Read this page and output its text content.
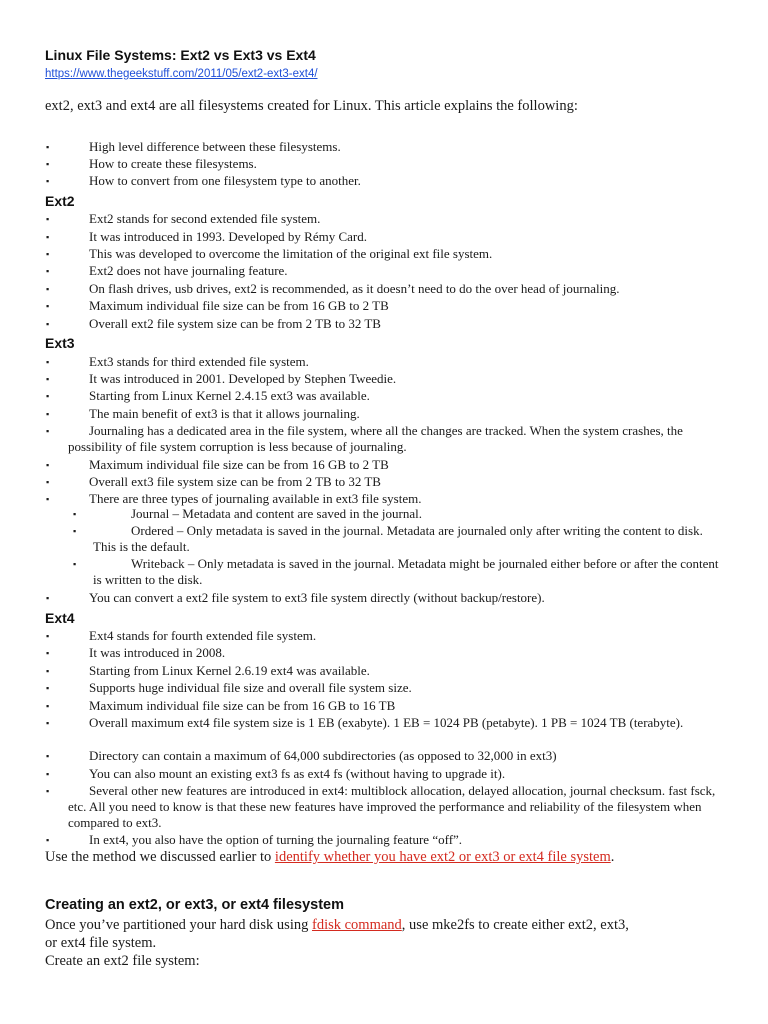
Linux File Systems: Ext2 vs Ext3 vs Ext4
https://www.thegeekstuff.com/2011/05/ext2-ext3-ext4/
ext2, ext3 and ext4 are all filesystems created for Linux. This article explains the following:
▪	High level difference between these filesystems.
▪	How to create these filesystems.
▪	How to convert from one filesystem type to another.
Ext2
▪	Ext2 stands for second extended file system.
▪	It was introduced in 1993. Developed by Rémy Card.
▪	This was developed to overcome the limitation of the original ext file system.
▪	Ext2 does not have journaling feature.
▪	On flash drives, usb drives, ext2 is recommended, as it doesn’t need to do the over head of journaling.
▪	Maximum individual file size can be from 16 GB to 2 TB
▪	Overall ext2 file system size can be from 2 TB to 32 TB
Ext3
▪	Ext3 stands for third extended file system.
▪	It was introduced in 2001. Developed by Stephen Tweedie.
▪	Starting from Linux Kernel 2.4.15 ext3 was available.
▪	The main benefit of ext3 is that it allows journaling.
▪	Journaling has a dedicated area in the file system, where all the changes are tracked. When the system crashes, the possibility of file system corruption is less because of journaling.
▪	Maximum individual file size can be from 16 GB to 2 TB
▪	Overall ext3 file system size can be from 2 TB to 32 TB
▪	There are three types of journaling available in ext3 file system.
▪	Journal – Metadata and content are saved in the journal.
▪	Ordered – Only metadata is saved in the journal. Metadata are journaled only after writing the content to disk. This is the default.
▪	Writeback – Only metadata is saved in the journal. Metadata might be journaled either before or after the content is written to the disk.
▪	You can convert a ext2 file system to ext3 file system directly (without backup/restore).
Ext4
▪	Ext4 stands for fourth extended file system.
▪	It was introduced in 2008.
▪	Starting from Linux Kernel 2.6.19 ext4 was available.
▪	Supports huge individual file size and overall file system size.
▪	Maximum individual file size can be from 16 GB to 16 TB
▪	Overall maximum ext4 file system size is 1 EB (exabyte). 1 EB = 1024 PB (petabyte). 1 PB = 1024 TB (terabyte).
▪	Directory can contain a maximum of 64,000 subdirectories (as opposed to 32,000 in ext3)
▪	You can also mount an existing ext3 fs as ext4 fs (without having to upgrade it).
▪	Several other new features are introduced in ext4: multiblock allocation, delayed allocation, journal checksum. fast fsck, etc. All you need to know is that these new features have improved the performance and reliability of the filesystem when compared to ext3.
▪	In ext4, you also have the option of turning the journaling feature “off”.
Use the method we discussed earlier to identify whether you have ext2 or ext3 or ext4 file system.
Creating an ext2, or ext3, or ext4 filesystem
Once you’ve partitioned your hard disk using fdisk command, use mke2fs to create either ext2, ext3,
or ext4 file system.
Create an ext2 file system:
